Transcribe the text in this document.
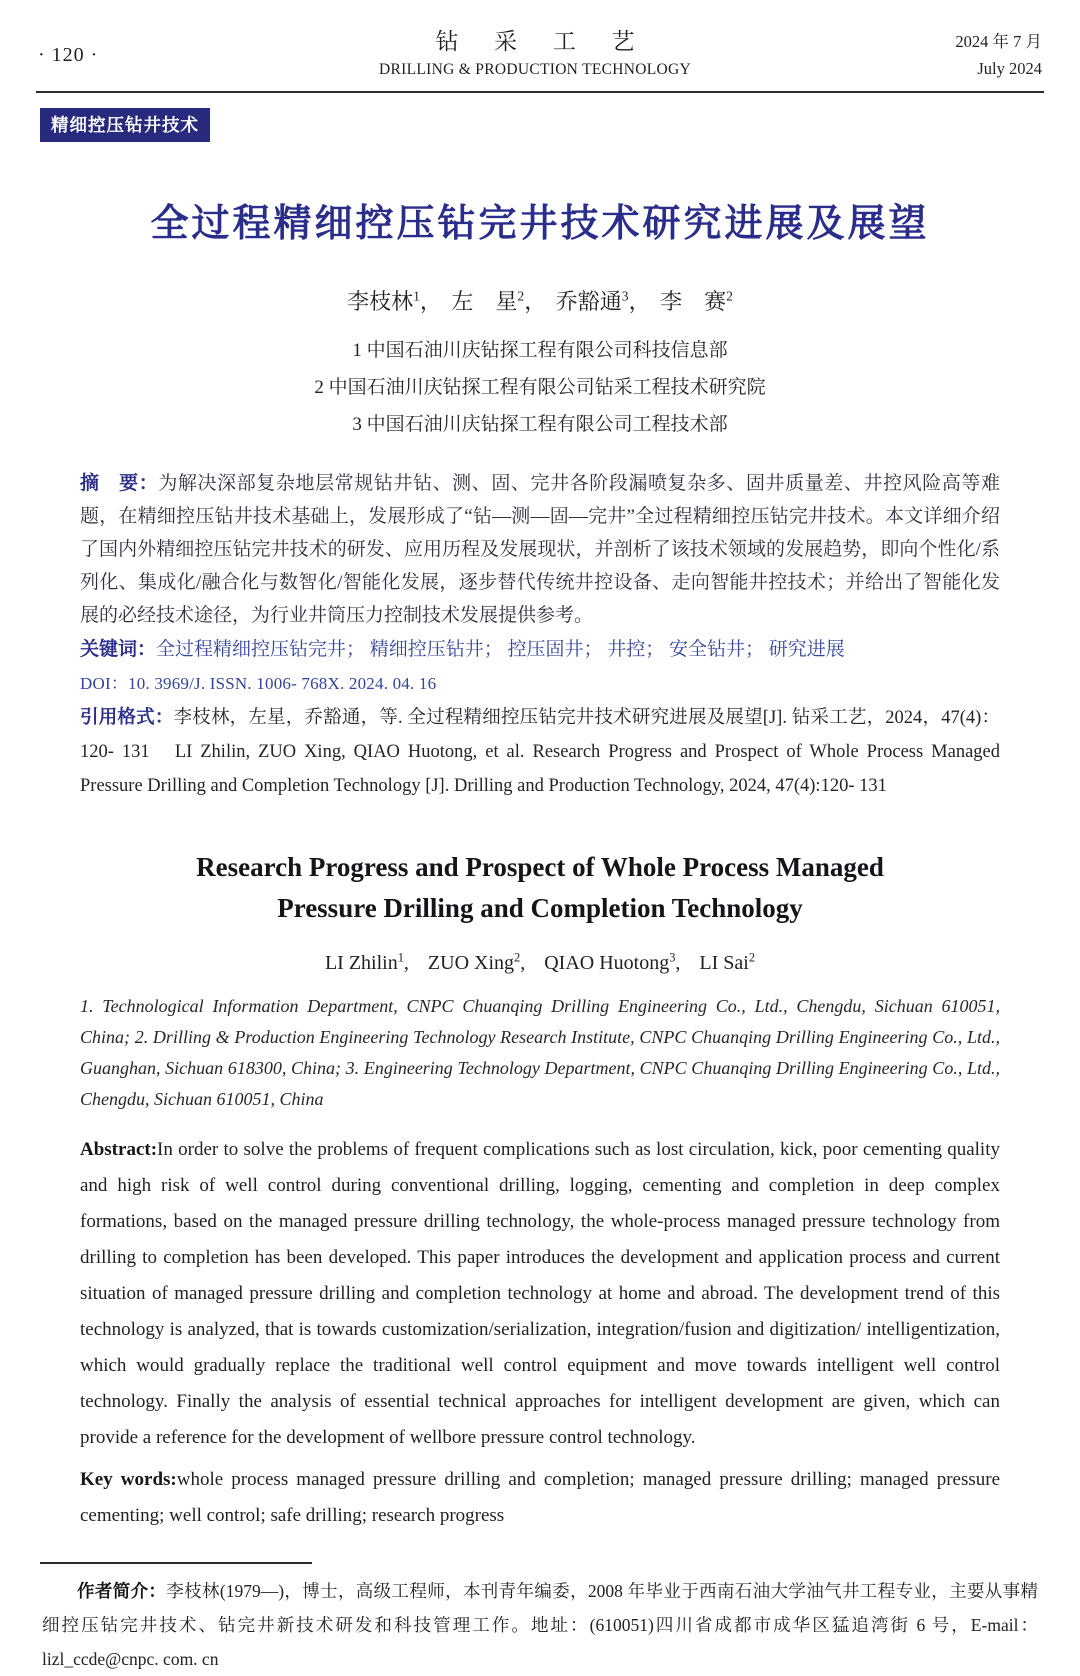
· 120 ·
钻采工艺
DRILLING & PRODUCTION TECHNOLOGY
2024 年 7 月
July 2024
精细控压钻井技术
全过程精细控压钻完井技术研究进展及展望
李枝林$^1$， 左　星$^2$， 乔豁通$^3$， 李　赛$^2$
1 中国石油川庆钻探工程有限公司科技信息部
2 中国石油川庆钻探工程有限公司钻采工程技术研究院
3 中国石油川庆钻探工程有限公司工程技术部

摘　要：为解决深部复杂地层常规钻井钻、测、固、完井各阶段漏喷复杂多、固井质量差、井控风险高等难题，在精细控压钻井技术基础上，发展形成了“钻—测—固—完井”全过程精细控压钻完井技术。本文详细介绍了国内外精细控压钻完井技术的研发、应用历程及发展现状，并剖析了该技术领域的发展趋势，即向个性化/系列化、集成化/融合化与数智化/智能化发展，逐步替代传统井控设备、走向智能井控技术；并给出了智能化发展的必经技术途径，为行业井筒压力控制技术发展提供参考。

关键词：全过程精细控压钻完井； 精细控压钻井； 控压固井； 井控； 安全钻井； 研究进展

DOI：10. 3969/J. ISSN. 1006- 768X. 2024. 04. 16

引用格式：李枝林，左星，乔豁通，等. 全过程精细控压钻完井技术研究进展及展望[J]. 钻采工艺，2024，47(4)：120- 131　LI Zhilin, ZUO Xing, QIAO Huotong, et al. Research Progress and Prospect of Whole Process Managed Pressure Drilling and Completion Technology [J]. Drilling and Production Technology, 2024, 47(4):120- 131

Research Progress and Prospect of Whole Process Managed
Pressure Drilling and Completion Technology
LI Zhilin$^1$, ZUO Xing$^2$, QIAO Huotong$^3$, LI Sai$^2$

1. Technological Information Department, CNPC Chuanqing Drilling Engineering Co., Ltd., Chengdu, Sichuan 610051, China; 2. Drilling & Production Engineering Technology Research Institute, CNPC Chuanqing Drilling Engineering Co., Ltd., Guanghan, Sichuan 618300, China; 3. Engineering Technology Department, CNPC Chuanqing Drilling Engineering Co., Ltd., Chengdu, Sichuan 610051, China

Abstract:In order to solve the problems of frequent complications such as lost circulation, kick, poor cementing quality and high risk of well control during conventional drilling, logging, cementing and completion in deep complex formations, based on the managed pressure drilling technology, the whole-process managed pressure technology from drilling to completion has been developed. This paper introduces the development and application process and current situation of managed pressure drilling and completion technology at home and abroad. The development trend of this technology is analyzed, that is towards customization/serialization, integration/fusion and digitization/ intelligentization, which would gradually replace the traditional well control equipment and move towards intelligent well control technology. Finally the analysis of essential technical approaches for intelligent development are given, which can provide a reference for the development of wellbore pressure control technology.

Key words:whole process managed pressure drilling and completion; managed pressure drilling; managed pressure cementing; well control; safe drilling; research progress

作者简介：李枝林(1979—)，博士，高级工程师，本刊青年编委，2008 年毕业于西南石油大学油气井工程专业，主要从事精细控压钻完井技术、钻完井新技术研发和科技管理工作。地址：(610051)四川省成都市成华区猛追湾街 6 号，E-mail：lizl_ccde@cnpc. com. cn
